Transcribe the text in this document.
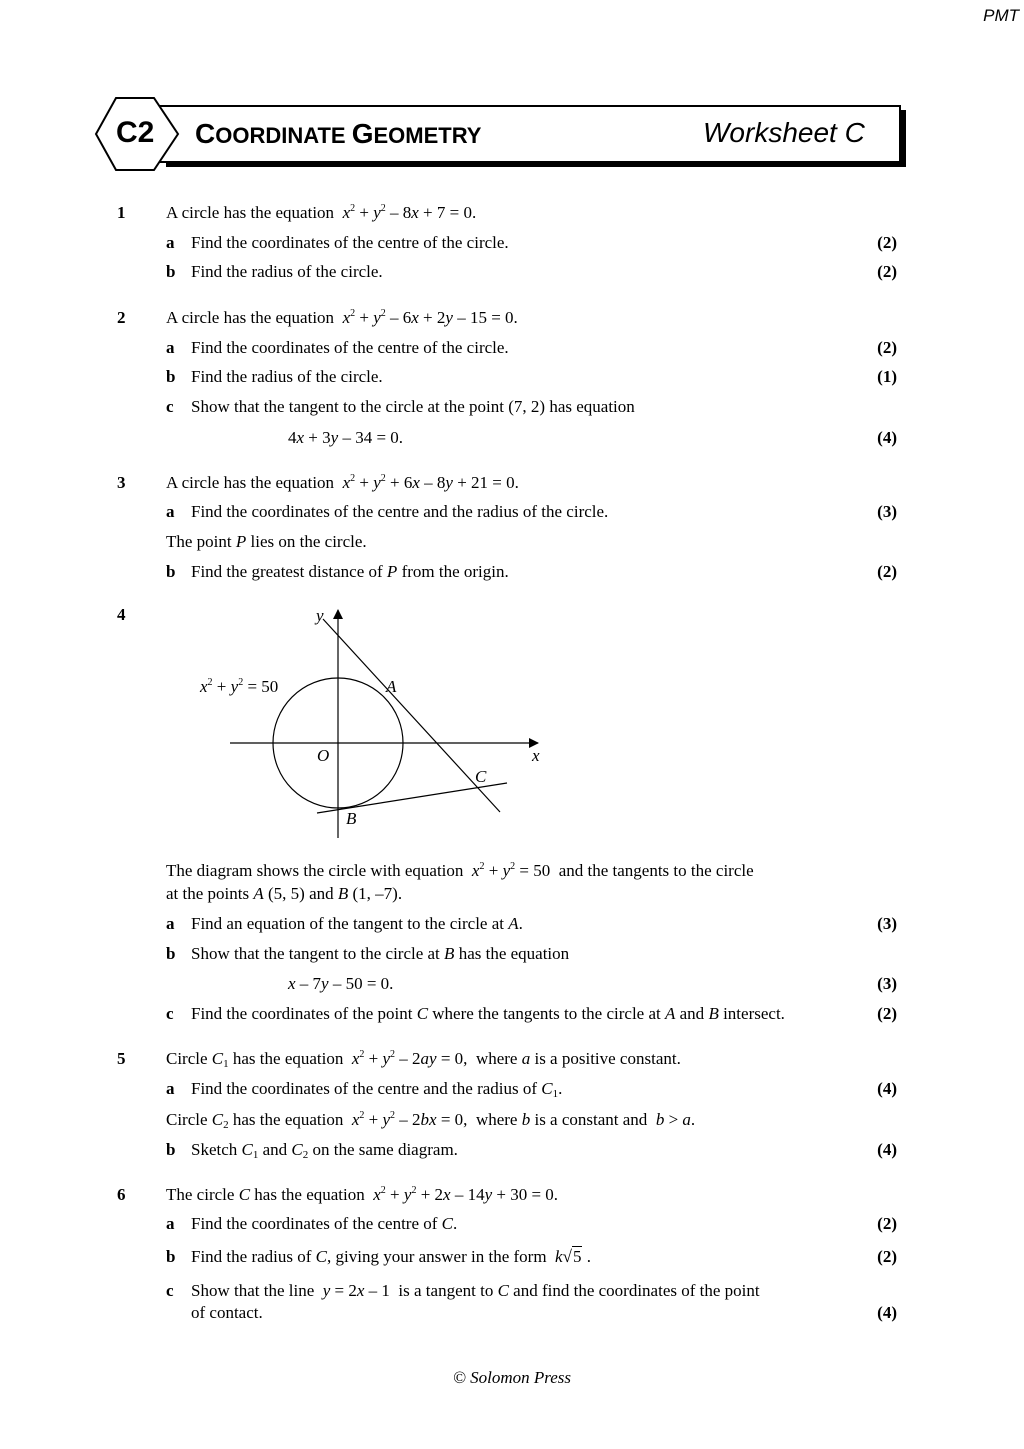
PMT
C2 COORDINATE GEOMETRY	Worksheet C
1 A circle has the equation $x^2 + y^2 - 8x + 7 = 0$.
a Find the coordinates of the centre of the circle.	(2)
b Find the radius of the circle.	(2)
2 A circle has the equation $x^2 + y^2 - 6x + 2y - 15 = 0$.
a Find the coordinates of the centre of the circle.	(2)
b Find the radius of the circle.	(1)
c Show that the tangent to the circle at the point (7, 2) has equation
4x + 3y – 34 = 0.	(4)
3 A circle has the equation $x^2 + y^2 + 6x - 8y + 21 = 0$.
a Find the coordinates of the centre and the radius of the circle.	(3)
The point P lies on the circle.
b Find the greatest distance of P from the origin.	(2)
4	y
x
O
A
B
C
$x^2 + y^2 = 50$
The diagram shows the circle with equation $x^2 + y^2 = 50$  and the tangents to the circle
at the points A (5, 5) and B (1, –7).
a Find an equation of the tangent to the circle at A.	(3)
b Show that the tangent to the circle at B has the equation
x – 7y – 50 = 0.	(3)
c Find the coordinates of the point C where the tangents to the circle at A and B intersect.	(2)
5 Circle $C_1$ has the equation $x^2 + y^2 - 2ay = 0$,  where a is a positive constant.
a Find the coordinates of the centre and the radius of $C_1$.	(4)
Circle $C_2$ has the equation $x^2 + y^2 - 2bx = 0$,  where b is a constant and b > a.
b Sketch $C_1$ and $C_2$ on the same diagram.	(4)
6 The circle C has the equation $x^2 + y^2 + 2x - 14y + 30 = 0$.
a Find the coordinates of the centre of C.	(2)
b Find the radius of C, giving your answer in the form k√5 .	(2)
c Show that the line y = 2x – 1  is a tangent to C and find the coordinates of the point
of contact.	(4)
© Solomon Press
